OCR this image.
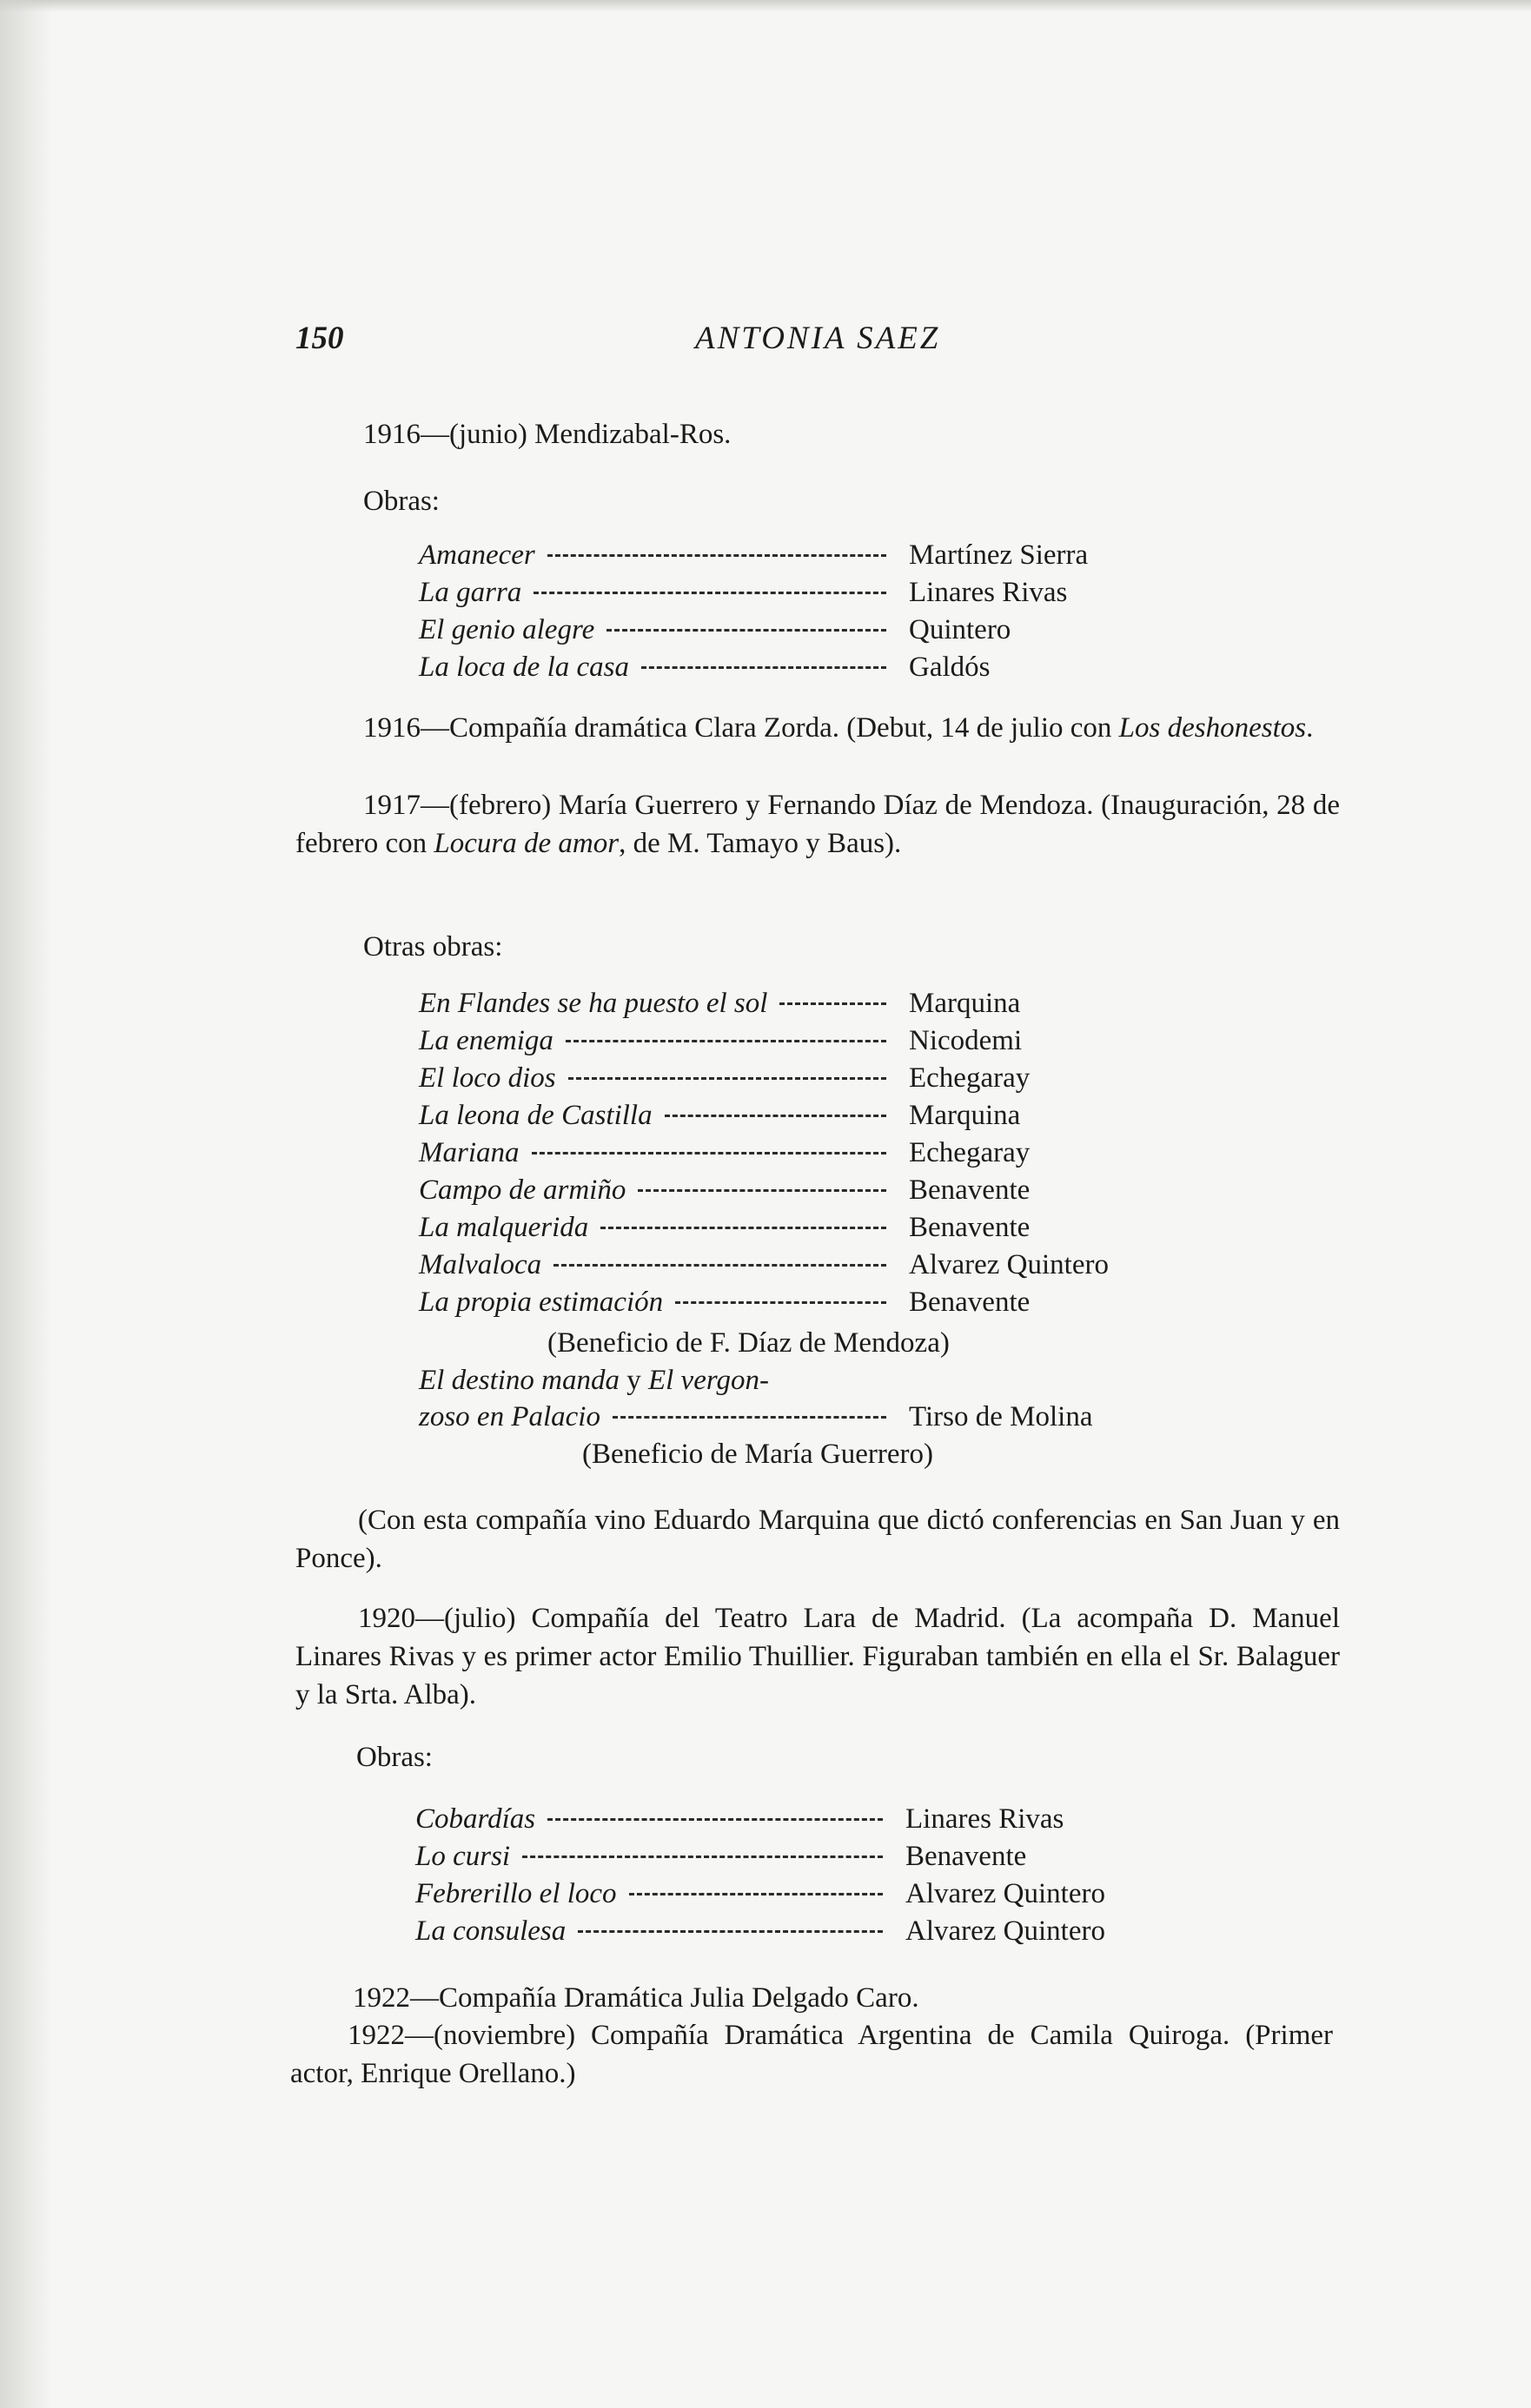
150	ANTONIA SAEZ
1916—(junio) Mendizabal-Ros.
Obras:
Amanecer	Martínez Sierra

La garra	Linares Rivas

El genio alegre	Quintero

La loca de la casa	Galdós
1916—Compañía dramática Clara Zorda. (Debut, 14 de julio con Los deshonestos.
1917—(febrero) María Guerrero y Fernando Díaz de Mendoza. (Inauguración, 28 de febrero con Locura de amor, de M. Tamayo y Baus).
Otras obras:
En Flandes se ha puesto el sol	Marquina

La enemiga	Nicodemi

El loco dios	Echegaray

La leona de Castilla	Marquina

Mariana	Echegaray

Campo de armiño	Benavente

La malquerida	Benavente

Malvaloca	Alvarez Quintero

La propia estimación	Benavente
(Beneficio de F. Díaz de Mendoza)
El destino manda y El vergon-
zoso en Palacio	Tirso de Molina
(Beneficio de María Guerrero)
(Con esta compañía vino Eduardo Marquina que dictó conferencias en San Juan y en Ponce).
1920—(julio) Compañía del Teatro Lara de Madrid. (La acompaña D. Manuel Linares Rivas y es primer actor Emilio Thuillier. Figuraban también en ella el Sr. Balaguer y la Srta. Alba).
Obras:
Cobardías	Linares Rivas

Lo cursi	Benavente

Febrerillo el loco	Alvarez Quintero

La consulesa	Alvarez Quintero
1922—Compañía Dramática Julia Delgado Caro.
1922—(noviembre) Compañía Dramática Argentina de Camila Quiroga. (Primer actor, Enrique Orellano.)
